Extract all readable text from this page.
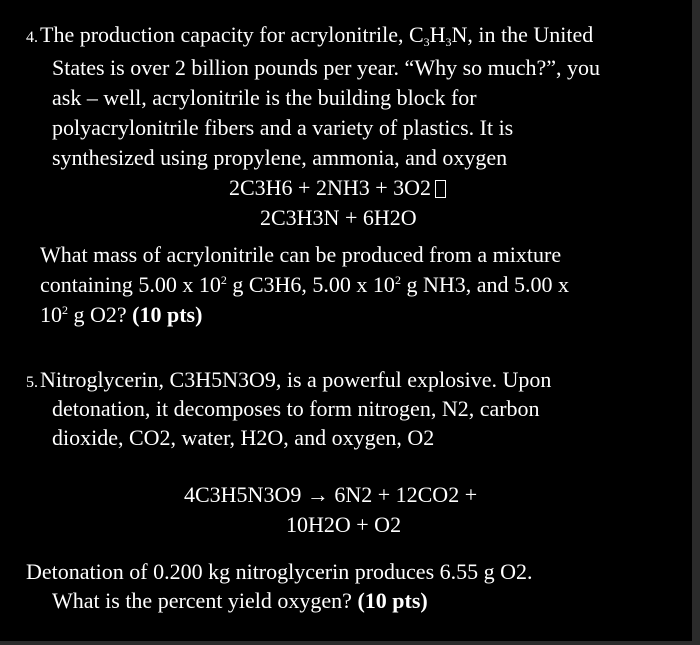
4.The production capacity for acrylonitrile, $C_3H_3N$, in the United
States is over 2 billion pounds per year. “Why so much?”, you
ask – well, acrylonitrile is the building block for
polyacrylonitrile fibers and a variety of plastics. It is
synthesized using propylene, ammonia, and oxygen
2C3H6 + 2NH3 + 3O2
2C3H3N + 6H2O
What mass of acrylonitrile can be produced from a mixture
containing 5.00 x $10^2$ g C3H6, 5.00 x $10^2$ g NH3, and 5.00 x
$10^2$ g O2? (10 pts)
5.Nitroglycerin, C3H5N3O9, is a powerful explosive. Upon
detonation, it decomposes to form nitrogen, N2, carbon
dioxide, CO2, water, H2O, and oxygen, O2
4C3H5N3O9 → 6N2 + 12CO2 +
10H2O + O2
Detonation of 0.200 kg nitroglycerin produces 6.55 g O2.
What is the percent yield oxygen? (10 pts)
